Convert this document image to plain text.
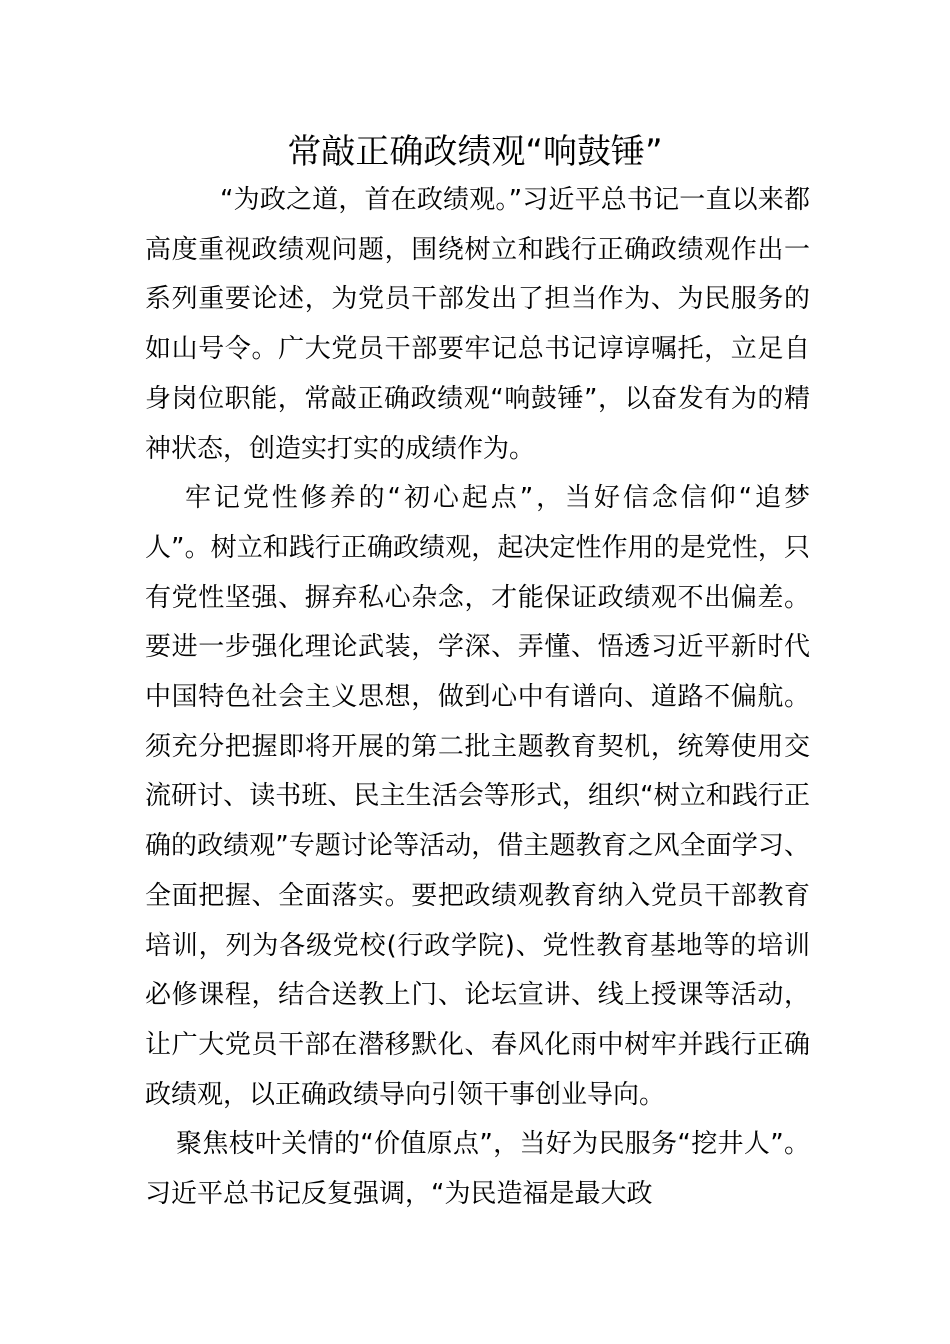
常敲正确政绩观“响鼓锤”

“为政之道，首在政绩观。”习近平总书记一直以来都高度重视政绩观问题，围绕树立和践行正确政绩观作出一系列重要论述，为党员干部发出了担当作为、为民服务的如山号令。广大党员干部要牢记总书记谆谆嘱托，立足自身岗位职能，常敲正确政绩观“响鼓锤”，以奋发有为的精神状态，创造实打实的成绩作为。

牢记党性修养的“初心起点”，当好信念信仰“追梦人”。树立和践行正确政绩观，起决定性作用的是党性，只有党性坚强、摒弃私心杂念，才能保证政绩观不出偏差。要进一步强化理论武装，学深、弄懂、悟透习近平新时代中国特色社会主义思想，做到心中有谱向、道路不偏航。须充分把握即将开展的第二批主题教育契机，统筹使用交流研讨、读书班、民主生活会等形式，组织“树立和践行正确的政绩观”专题讨论等活动，借主题教育之风全面学习、全面把握、全面落实。要把政绩观教育纳入党员干部教育培训，列为各级党校(行政学院)、党性教育基地等的培训必修课程，结合送教上门、论坛宣讲、线上授课等活动，让广大党员干部在潜移默化、春风化雨中树牢并践行正确政绩观，以正确政绩导向引领干事创业导向。

聚焦枝叶关情的“价值原点”，当好为民服务“挖井人”。习近平总书记反复强调，“为民造福是最大政
